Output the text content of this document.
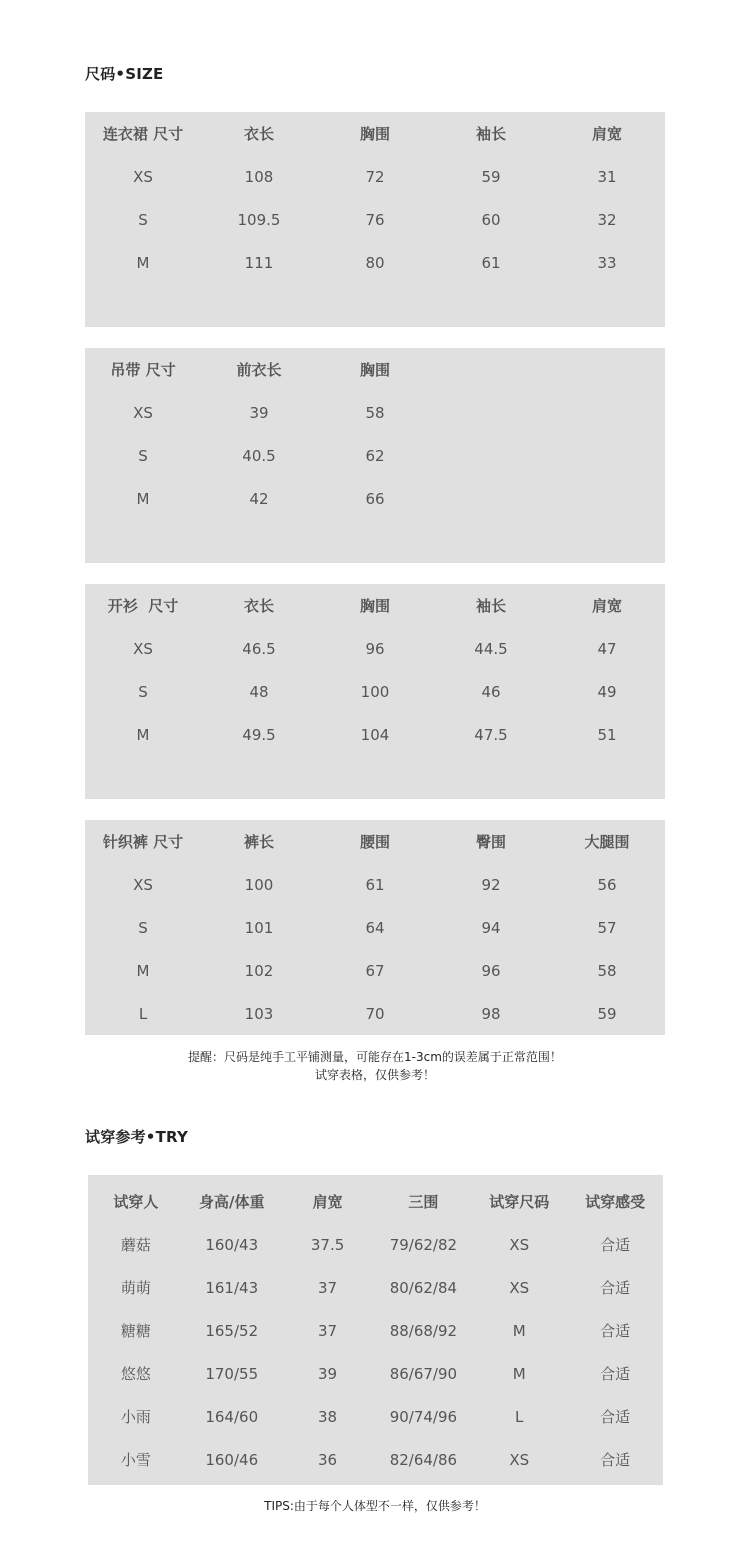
尺码•SIZE
连衣裙 尺寸	衣长	胸围	袖长	肩宽
XS	108	72	59	31
S	109.5	76	60	32
M	111	80	61	33
吊带 尺寸	前衣长	胸围		
XS	39	58		
S	40.5	62		
M	42	66		
开衫  尺寸	衣长	胸围	袖长	肩宽
XS	46.5	96	44.5	47
S	48	100	46	49
M	49.5	104	47.5	51
针织裤 尺寸	裤长	腰围	臀围	大腿围
XS	100	61	92	56
S	101	64	94	57
M	102	67	96	58
L	103	70	98	59
提醒：尺码是纯手工平铺测量，可能存在1-3cm的误差属于正常范围！
试穿表格，仅供参考！
试穿参考•TRY
试穿人	身高/体重	肩宽	三围	试穿尺码	试穿感受
蘑菇	160/43	37.5	79/62/82	XS	合适
萌萌	161/43	37	80/62/84	XS	合适
糖糖	165/52	37	88/68/92	M	合适
悠悠	170/55	39	86/67/90	M	合适
小雨	164/60	38	90/74/96	L	合适
小雪	160/46	36	82/64/86	XS	合适
TIPS:由于每个人体型不一样，仅供参考！
